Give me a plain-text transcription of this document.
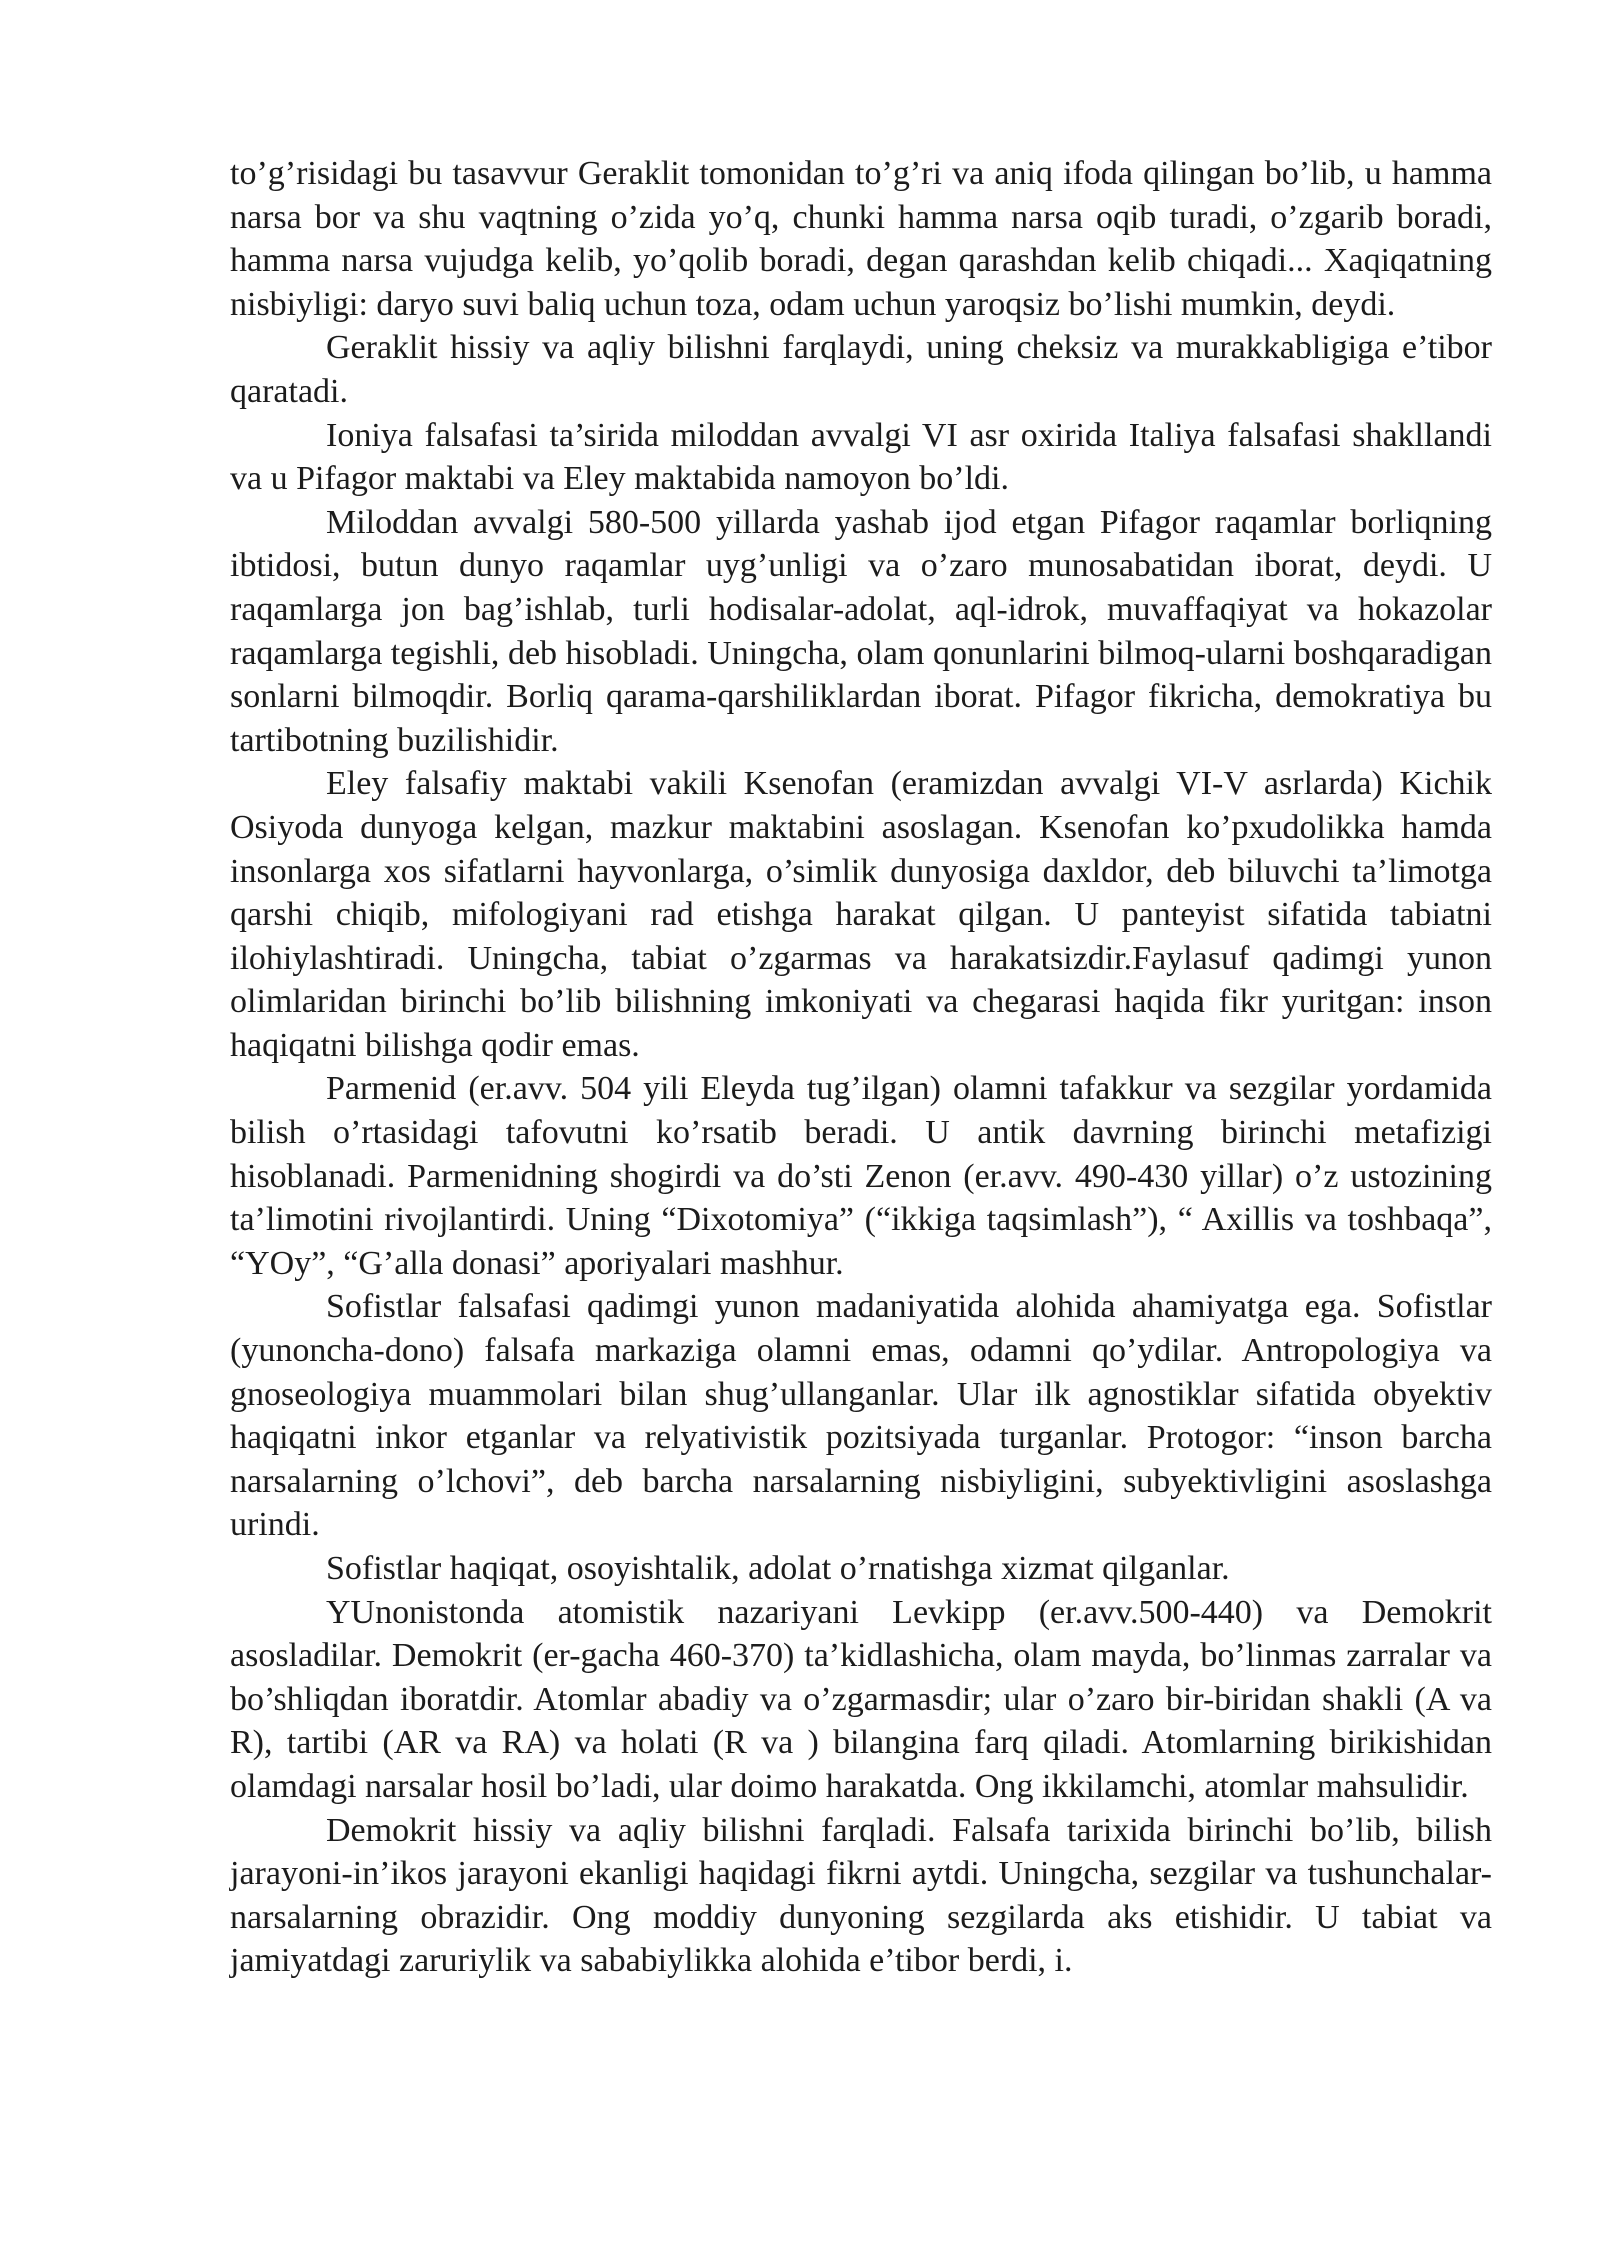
to’g’risidagi bu tasavvur Geraklit tomonidan to’g’ri va aniq ifoda qilingan bo’lib, u hamma narsa bor va shu vaqtning o’zida yo’q, chunki hamma narsa oqib turadi, o’zgarib boradi, hamma narsa vujudga kelib, yo’qolib boradi, degan qarashdan kelib chiqadi... Xaqiqatning nisbiyligi: daryo suvi baliq uchun toza, odam uchun yaroqsiz bo’lishi mumkin, deydi.

Geraklit hissiy va aqliy bilishni farqlaydi, uning cheksiz va murakkabligiga e’tibor qaratadi.

Ioniya falsafasi ta’sirida miloddan avvalgi VI asr oxirida Italiya falsafasi shakllandi va u Pifagor maktabi va Eley maktabida namoyon bo’ldi.

Miloddan avvalgi 580-500 yillarda yashab ijod etgan Pifagor raqamlar borliqning ibtidosi, butun dunyo raqamlar uyg’unligi va o’zaro munosabatidan iborat, deydi. U raqamlarga jon bag’ishlab, turli hodisalar-adolat, aql-idrok, muvaffaqiyat va hokazolar raqamlarga tegishli, deb hisobladi. Uningcha, olam qonunlarini bilmoq-ularni boshqaradigan sonlarni bilmoqdir. Borliq qarama-qarshiliklardan iborat. Pifagor fikricha, demokratiya bu tartibotning buzilishidir.

Eley falsafiy maktabi vakili Ksenofan (eramizdan avvalgi VI-V asrlarda) Kichik Osiyoda dunyoga kelgan, mazkur maktabini asoslagan. Ksenofan ko’pxudolikka hamda insonlarga xos sifatlarni hayvonlarga, o’simlik dunyosiga daxldor, deb biluvchi ta’limotga qarshi chiqib, mifologiyani rad etishga harakat qilgan. U panteyist sifatida tabiatni ilohiylashtiradi. Uningcha, tabiat o’zgarmas va harakatsizdir.Faylasuf qadimgi yunon olimlaridan birinchi bo’lib bilishning imkoniyati va chegarasi haqida fikr yuritgan: inson haqiqatni bilishga qodir emas.

Parmenid (er.avv. 504 yili Eleyda tug’ilgan) olamni tafakkur va sezgilar yordamida bilish o’rtasidagi tafovutni ko’rsatib beradi. U antik davrning birinchi metafizigi hisoblanadi. Parmenidning shogirdi va do’sti Zenon (er.avv. 490-430 yillar) o’z ustozining ta’limotini rivojlantirdi. Uning “Dixotomiya” (“ikkiga taqsimlash”), “ Axillis va toshbaqa”, “YOy”, “G’alla donasi” aporiyalari mashhur.

Sofistlar falsafasi qadimgi yunon madaniyatida alohida ahamiyatga ega. Sofistlar (yunoncha-dono) falsafa markaziga olamni emas, odamni qo’ydilar. Antropologiya va gnoseologiya muammolari bilan shug’ullanganlar. Ular ilk agnostiklar sifatida obyektiv haqiqatni inkor etganlar va relyativistik pozitsiyada turganlar. Protogor: “inson barcha narsalarning o’lchovi”, deb barcha narsalarning nisbiyligini, subyektivligini asoslashga urindi.

Sofistlar haqiqat, osoyishtalik, adolat o’rnatishga xizmat qilganlar.

YUnonistonda atomistik nazariyani Levkipp (er.avv.500-440) va Demokrit asosladilar. Demokrit (er-gacha 460-370) ta’kidlashicha, olam mayda, bo’linmas zarralar va bo’shliqdan iboratdir. Atomlar abadiy va o’zgarmasdir; ular o’zaro bir-biridan shakli (A va R), tartibi (AR va RA) va holati (R va ) bilangina farq qiladi. Atomlarning birikishidan olamdagi narsalar hosil bo’ladi, ular doimo harakatda. Ong ikkilamchi, atomlar mahsulidir.

Demokrit hissiy va aqliy bilishni farqladi. Falsafa tarixida birinchi bo’lib, bilish jarayoni-in’ikos jarayoni ekanligi haqidagi fikrni aytdi. Uningcha, sezgilar va tushunchalar-narsalarning obrazidir. Ong moddiy dunyoning sezgilarda aks etishidir. U tabiat va jamiyatdagi zaruriylik va sababiylikka alohida e’tibor berdi, i.
